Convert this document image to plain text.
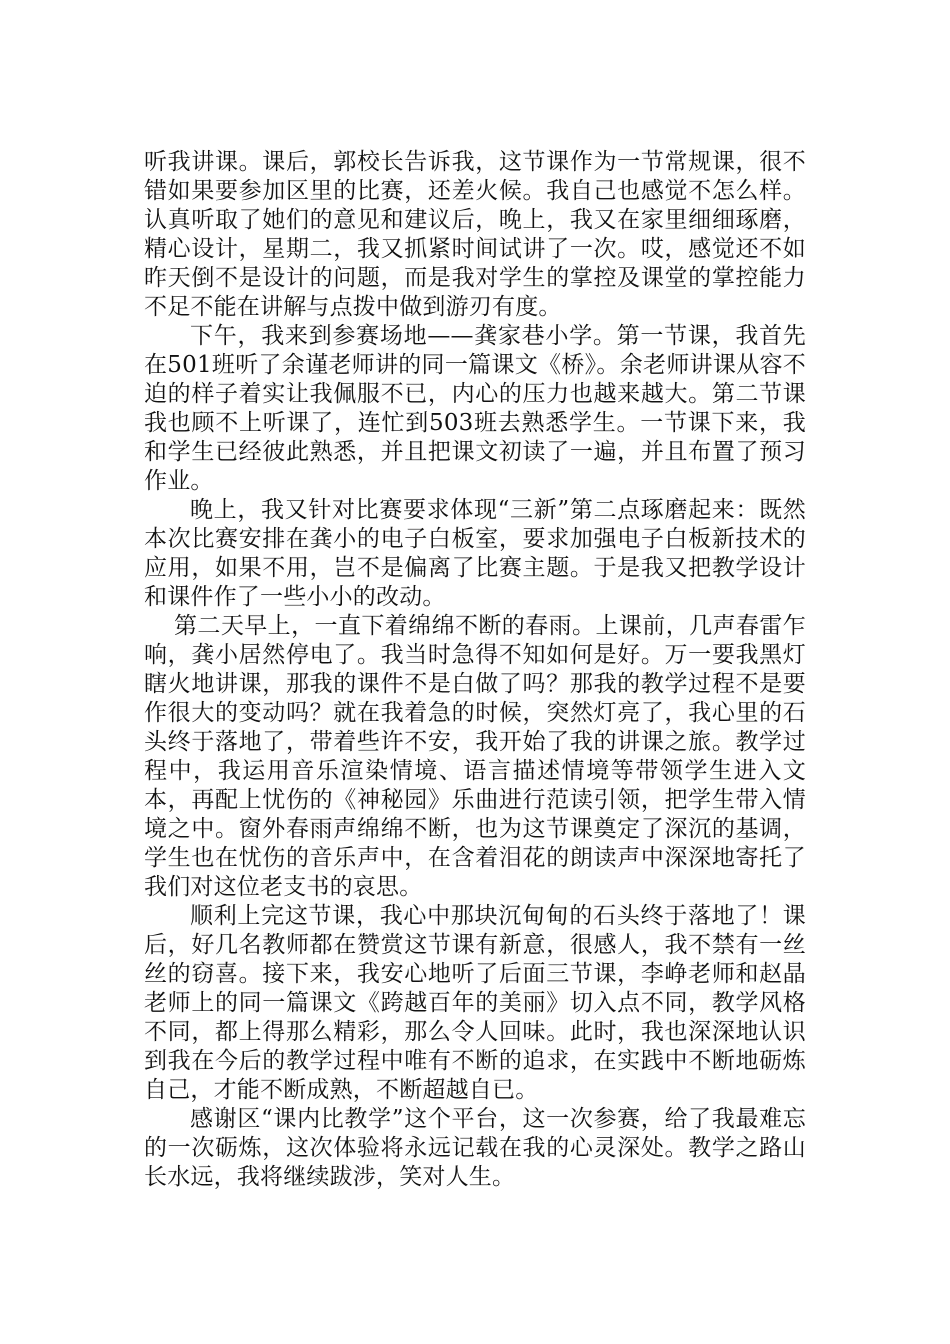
听我讲课。课后，郭校长告诉我，这节课作为一节常规课，很不错如果要参加区里的比赛，还差火候。我自己也感觉不怎么样。认真听取了她们的意见和建议后，晚上，我又在家里细细琢磨，精心设计，星期二，我又抓紧时间试讲了一次。哎，感觉还不如昨天倒不是设计的问题，而是我对学生的掌控及课堂的掌控能力不足不能在讲解与点拨中做到游刃有度。

下午，我来到参赛场地——龚家巷小学。第一节课，我首先在501班听了余谨老师讲的同一篇课文《桥》。余老师讲课从容不迫的样子着实让我佩服不已，内心的压力也越来越大。第二节课我也顾不上听课了，连忙到503班去熟悉学生。一节课下来，我和学生已经彼此熟悉，并且把课文初读了一遍，并且布置了预习作业。

晚上，我又针对比赛要求体现“三新”第二点琢磨起来：既然本次比赛安排在龚小的电子白板室，要求加强电子白板新技术的应用，如果不用，岂不是偏离了比赛主题。于是我又把教学设计和课件作了一些小小的改动。

第二天早上，一直下着绵绵不断的春雨。上课前，几声春雷乍响，龚小居然停电了。我当时急得不知如何是好。万一要我黑灯瞎火地讲课，那我的课件不是白做了吗？那我的教学过程不是要作很大的变动吗？就在我着急的时候，突然灯亮了，我心里的石头终于落地了，带着些许不安，我开始了我的讲课之旅。教学过程中，我运用音乐渲染情境、语言描述情境等带领学生进入文本，再配上忧伤的《神秘园》乐曲进行范读引领，把学生带入情境之中。窗外春雨声绵绵不断，也为这节课奠定了深沉的基调，学生也在忧伤的音乐声中，在含着泪花的朗读声中深深地寄托了我们对这位老支书的哀思。

顺利上完这节课，我心中那块沉甸甸的石头终于落地了！课后，好几名教师都在赞赏这节课有新意，很感人，我不禁有一丝丝的窃喜。接下来，我安心地听了后面三节课，李峥老师和赵晶老师上的同一篇课文《跨越百年的美丽》切入点不同，教学风格不同，都上得那么精彩，那么令人回味。此时，我也深深地认识到我在今后的教学过程中唯有不断的追求，在实践中不断地砺炼自己，才能不断成熟，不断超越自已。

感谢区“课内比教学”这个平台，这一次参赛，给了我最难忘的一次砺炼，这次体验将永远记载在我的心灵深处。教学之路山长水远，我将继续跋涉，笑对人生。
